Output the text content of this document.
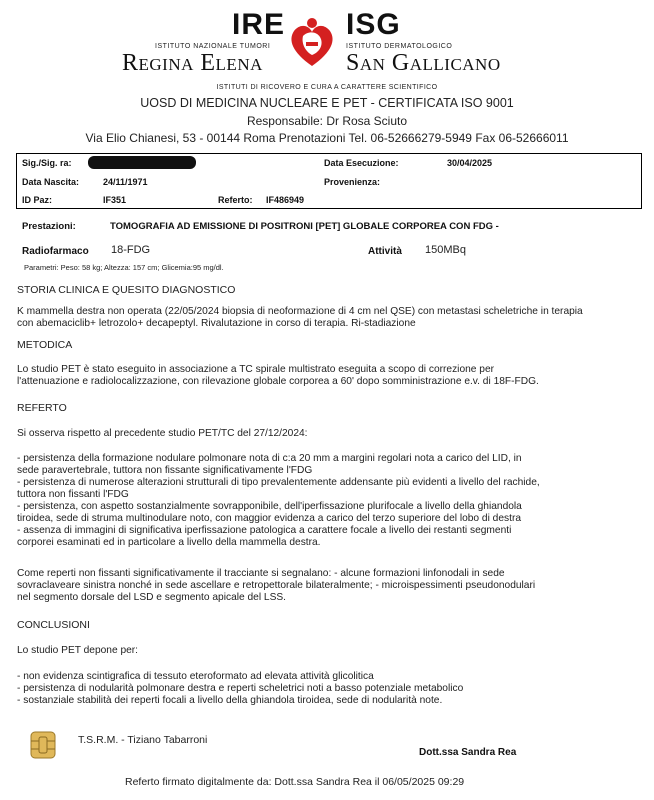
IRE ISG
ISTITUTO NAZIONALE TUMORI	ISTITUTO DERMATOLOGICO
Regina Elena	San Gallicano
ISTITUTI DI RICOVERO E CURA A CARATTERE SCIENTIFICO
UOSD DI MEDICINA NUCLEARE E PET - CERTIFICATA ISO 9001
Responsabile: Dr Rosa Sciuto
Via Elio Chianesi, 53 - 00144 Roma Prenotazioni Tel. 06-52666279-5949 Fax 06-52666011
Sig./Sig. ra:
Data Nascita:	24/11/1971
ID Paz:	IF351	Referto: IF486949
Data Esecuzione:	30/04/2025
Provenienza:
Prestazioni:	TOMOGRAFIA AD EMISSIONE DI POSITRONI [PET] GLOBALE CORPOREA CON FDG -
Radiofarmaco 18-FDG	Attività 150MBq
Parametri: Peso: 58 kg; Altezza: 157 cm; Glicemia:95 mg/dl.
STORIA CLINICA E QUESITO DIAGNOSTICO
K mammella destra non operata (22/05/2024 biopsia di neoformazione di 4 cm nel QSE) con metastasi scheletriche in terapia
con abemaciclib+ letrozolo+ decapeptyl. Rivalutazione in corso di terapia. Ri-stadiazione
METODICA
Lo studio PET è stato eseguito in associazione a TC spirale multistrato eseguita a scopo di correzione per
l'attenuazione e radiolocalizzazione, con rilevazione globale corporea a 60' dopo somministrazione e.v. di 18F-FDG.
REFERTO
Si osserva rispetto al precedente studio PET/TC del 27/12/2024:
- persistenza della formazione nodulare polmonare nota di c:a 20 mm a margini regolari nota a carico del LID, in
sede paravertebrale, tuttora non fissante significativamente l'FDG
- persistenza di numerose alterazioni strutturali di tipo prevalentemente addensante più evidenti a livello del rachide,
tuttora non fissanti l'FDG
- persistenza, con aspetto sostanzialmente sovrapponibile, dell'iperfissazione plurifocale a livello della ghiandola
tiroidea, sede di struma multinodulare noto, con maggior evidenza a carico del terzo superiore del lobo di destra
- assenza di immagini di significativa iperfissazione patologica a carattere focale a livello dei restanti segmenti
corporei esaminati ed in particolare a livello della mammella destra.
Come reperti non fissanti significativamente il tracciante si segnalano: - alcune formazioni linfonodali in sede
sovraclaveare sinistra nonché in sede ascellare e retropettorale bilateralmente; - microispessimenti pseudonodulari
nel segmento dorsale del LSD e segmento apicale del LSS.
CONCLUSIONI
Lo studio PET depone per:
- non evidenza scintigrafica di tessuto eteroformato ad elevata attività glicolitica
- persistenza di nodularità polmonare destra e reperti scheletrici noti a basso potenziale metabolico
- sostanziale stabilità dei reperti focali a livello della ghiandola tiroidea, sede di nodularità note.
T.S.R.M. - Tiziano Tabarroni
Dott.ssa Sandra Rea
Referto firmato digitalmente da: Dott.ssa Sandra Rea il 06/05/2025 09:29
